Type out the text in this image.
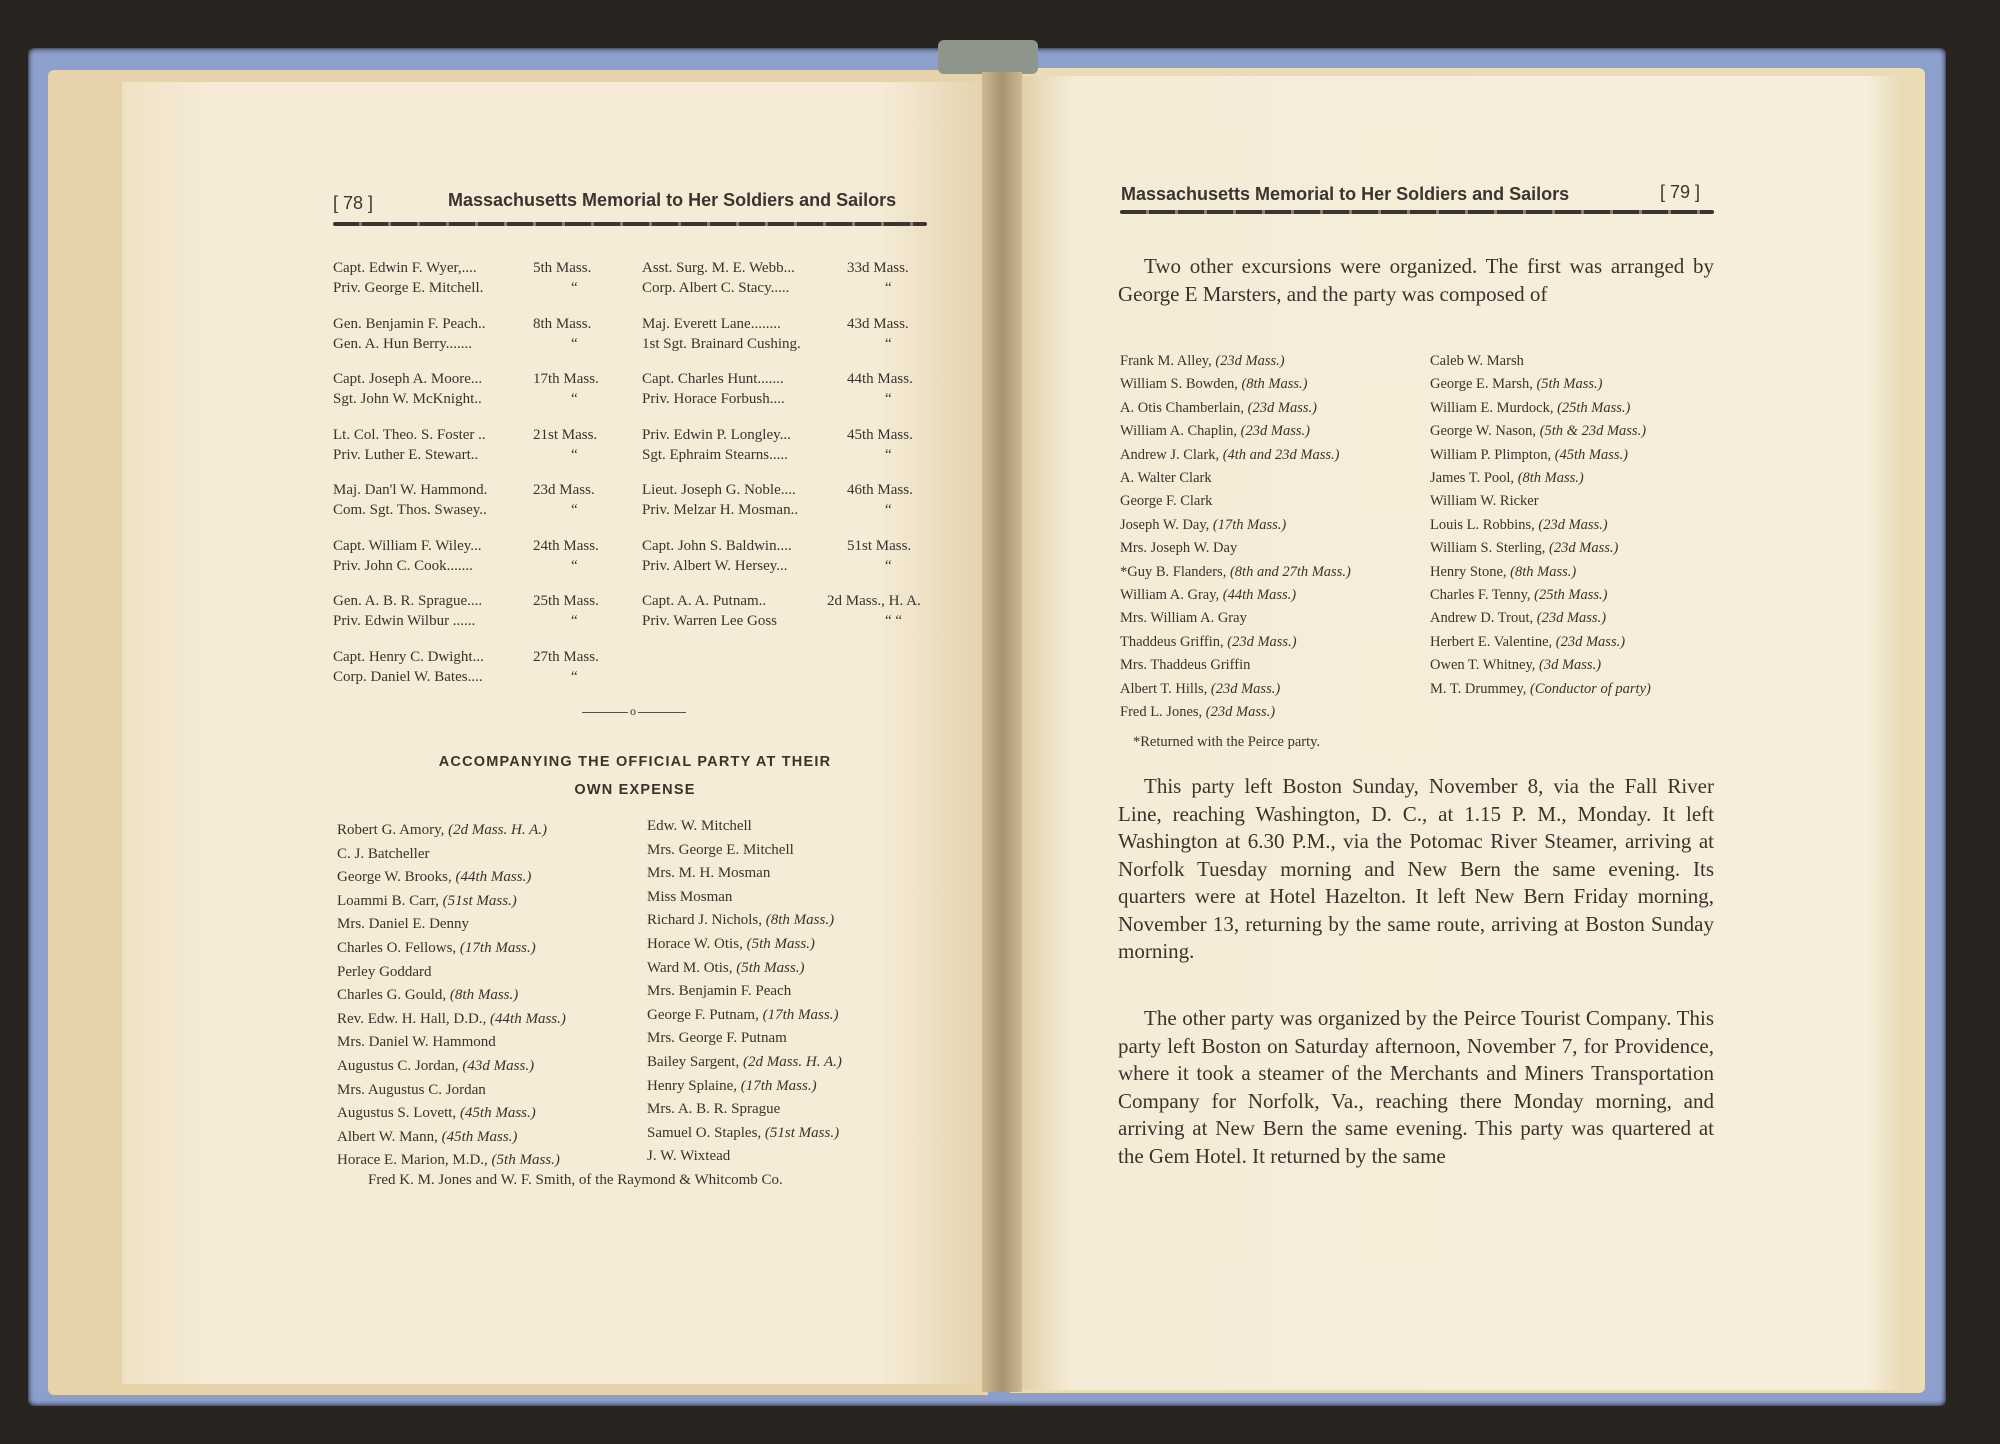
[ 78 ]	Massachusetts Memorial to Her Soldiers and Sailors
Capt. Edwin F. Wyer,....	5th Mass.
Priv. George E. Mitchell.	“
Gen. Benjamin F. Peach..	8th Mass.
Gen. A. Hun Berry.......	“
Capt. Joseph A. Moore...	17th Mass.
Sgt. John W. McKnight..	“
Lt. Col. Theo. S. Foster ..	21st Mass.
Priv. Luther E. Stewart..	“
Maj. Dan'l W. Hammond.	23d Mass.
Com. Sgt. Thos. Swasey..	“
Capt. William F. Wiley...	24th Mass.
Priv. John C. Cook.......	“
Gen. A. B. R. Sprague....	25th Mass.
Priv. Edwin Wilbur ......	“
Capt. Henry C. Dwight...	27th Mass.
Corp. Daniel W. Bates....	“
Asst. Surg. M. E. Webb...	33d Mass.
Corp. Albert C. Stacy.....	“
Maj. Everett Lane........	43d Mass.
1st Sgt. Brainard Cushing.	“
Capt. Charles Hunt.......	44th Mass.
Priv. Horace Forbush....	“
Priv. Edwin P. Longley...	45th Mass.
Sgt. Ephraim Stearns.....	“
Lieut. Joseph G. Noble....	46th Mass.
Priv. Melzar H. Mosman..	“
Capt. John S. Baldwin....	51st Mass.
Priv. Albert W. Hersey...	“
Capt. A. A. Putnam..	2d Mass., H. A.
Priv. Warren Lee Goss	“ “
o
ACCOMPANYING THE OFFICIAL PARTY AT THEIR
OWN EXPENSE
Robert G. Amory, (2d Mass. H. A.)
C. J. Batcheller
George W. Brooks, (44th Mass.)
Loammi B. Carr, (51st Mass.)
Mrs. Daniel E. Denny
Charles O. Fellows, (17th Mass.)
Perley Goddard
Charles G. Gould, (8th Mass.)
Rev. Edw. H. Hall, D.D., (44th Mass.)
Mrs. Daniel W. Hammond
Augustus C. Jordan, (43d Mass.)
Mrs. Augustus C. Jordan
Augustus S. Lovett, (45th Mass.)
Albert W. Mann, (45th Mass.)
Horace E. Marion, M.D., (5th Mass.)
Edw. W. Mitchell
Mrs. George E. Mitchell
Mrs. M. H. Mosman
Miss Mosman
Richard J. Nichols, (8th Mass.)
Horace W. Otis, (5th Mass.)
Ward M. Otis, (5th Mass.)
Mrs. Benjamin F. Peach
George F. Putnam, (17th Mass.)
Mrs. George F. Putnam
Bailey Sargent, (2d Mass. H. A.)
Henry Splaine, (17th Mass.)
Mrs. A. B. R. Sprague
Samuel O. Staples, (51st Mass.)
J. W. Wixtead
Fred K. M. Jones and W. F. Smith, of the Raymond & Whitcomb Co.
Massachusetts Memorial to Her Soldiers and Sailors	[ 79 ]
Two other excursions were organized. The first was arranged by George E Marsters, and the party was composed of
Frank M. Alley, (23d Mass.)
William S. Bowden, (8th Mass.)
A. Otis Chamberlain, (23d Mass.)
William A. Chaplin, (23d Mass.)
Andrew J. Clark, (4th and 23d Mass.)
A. Walter Clark
George F. Clark
Joseph W. Day, (17th Mass.)
Mrs. Joseph W. Day
*Guy B. Flanders, (8th and 27th Mass.)
William A. Gray, (44th Mass.)
Mrs. William A. Gray
Thaddeus Griffin, (23d Mass.)
Mrs. Thaddeus Griffin
Albert T. Hills, (23d Mass.)
Fred L. Jones, (23d Mass.)
Caleb W. Marsh
George E. Marsh, (5th Mass.)
William E. Murdock, (25th Mass.)
George W. Nason, (5th & 23d Mass.)
William P. Plimpton, (45th Mass.)
James T. Pool, (8th Mass.)
William W. Ricker
Louis L. Robbins, (23d Mass.)
William S. Sterling, (23d Mass.)
Henry Stone, (8th Mass.)
Charles F. Tenny, (25th Mass.)
Andrew D. Trout, (23d Mass.)
Herbert E. Valentine, (23d Mass.)
Owen T. Whitney, (3d Mass.)
M. T. Drummey, (Conductor of party)
*Returned with the Peirce party.
This party left Boston Sunday, November 8, via the Fall River Line, reaching Washington, D. C., at 1.15 P. M., Monday. It left Washington at 6.30 P.M., via the Potomac River Steamer, arriving at Norfolk Tuesday morning and New Bern the same evening. Its quarters were at Hotel Hazelton. It left New Bern Friday morning, November 13, returning by the same route, arriving at Boston Sunday morning.
The other party was organized by the Peirce Tourist Company. This party left Boston on Saturday afternoon, November 7, for Providence, where it took a steamer of the Merchants and Miners Transportation Company for Norfolk, Va., reaching there Monday morning, and arriving at New Bern the same evening. This party was quartered at the Gem Hotel. It returned by the same
